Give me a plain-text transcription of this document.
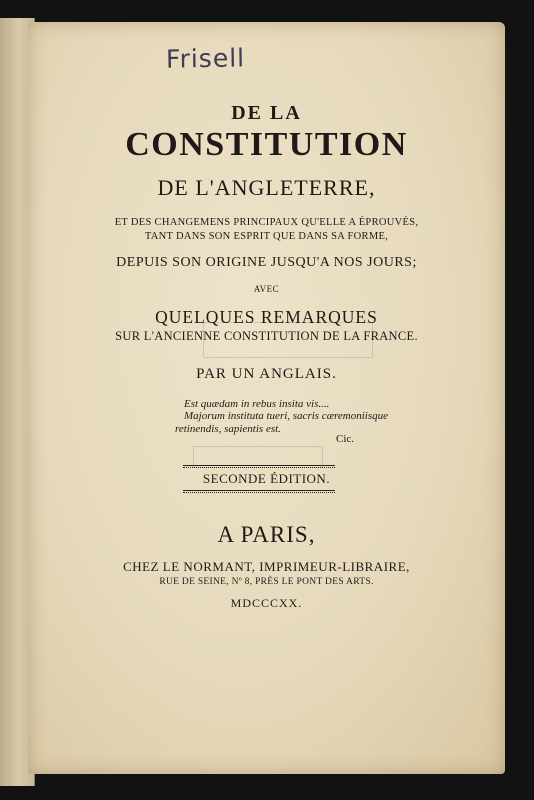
Frisell
DE LA
CONSTITUTION
DE L'ANGLETERRE,
ET DES CHANGEMENS PRINCIPAUX QU'ELLE A ÉPROUVÉS,
TANT DANS SON ESPRIT QUE DANS SA FORME,
DEPUIS SON ORIGINE JUSQU'A NOS JOURS;
AVEC
QUELQUES REMARQUES
SUR L'ANCIENNE CONSTITUTION DE LA FRANCE.
PAR UN ANGLAIS.
Est quædam in rebus insita vis....
Majorum instituta tueri, sacris cæremoniisque
retinendis, sapientis est.
Cic.
SECONDE ÉDITION.
A PARIS,
CHEZ LE NORMANT, IMPRIMEUR-LIBRAIRE,
RUE DE SEINE, Nº 8, PRÈS LE PONT DES ARTS.
MDCCCXX.
